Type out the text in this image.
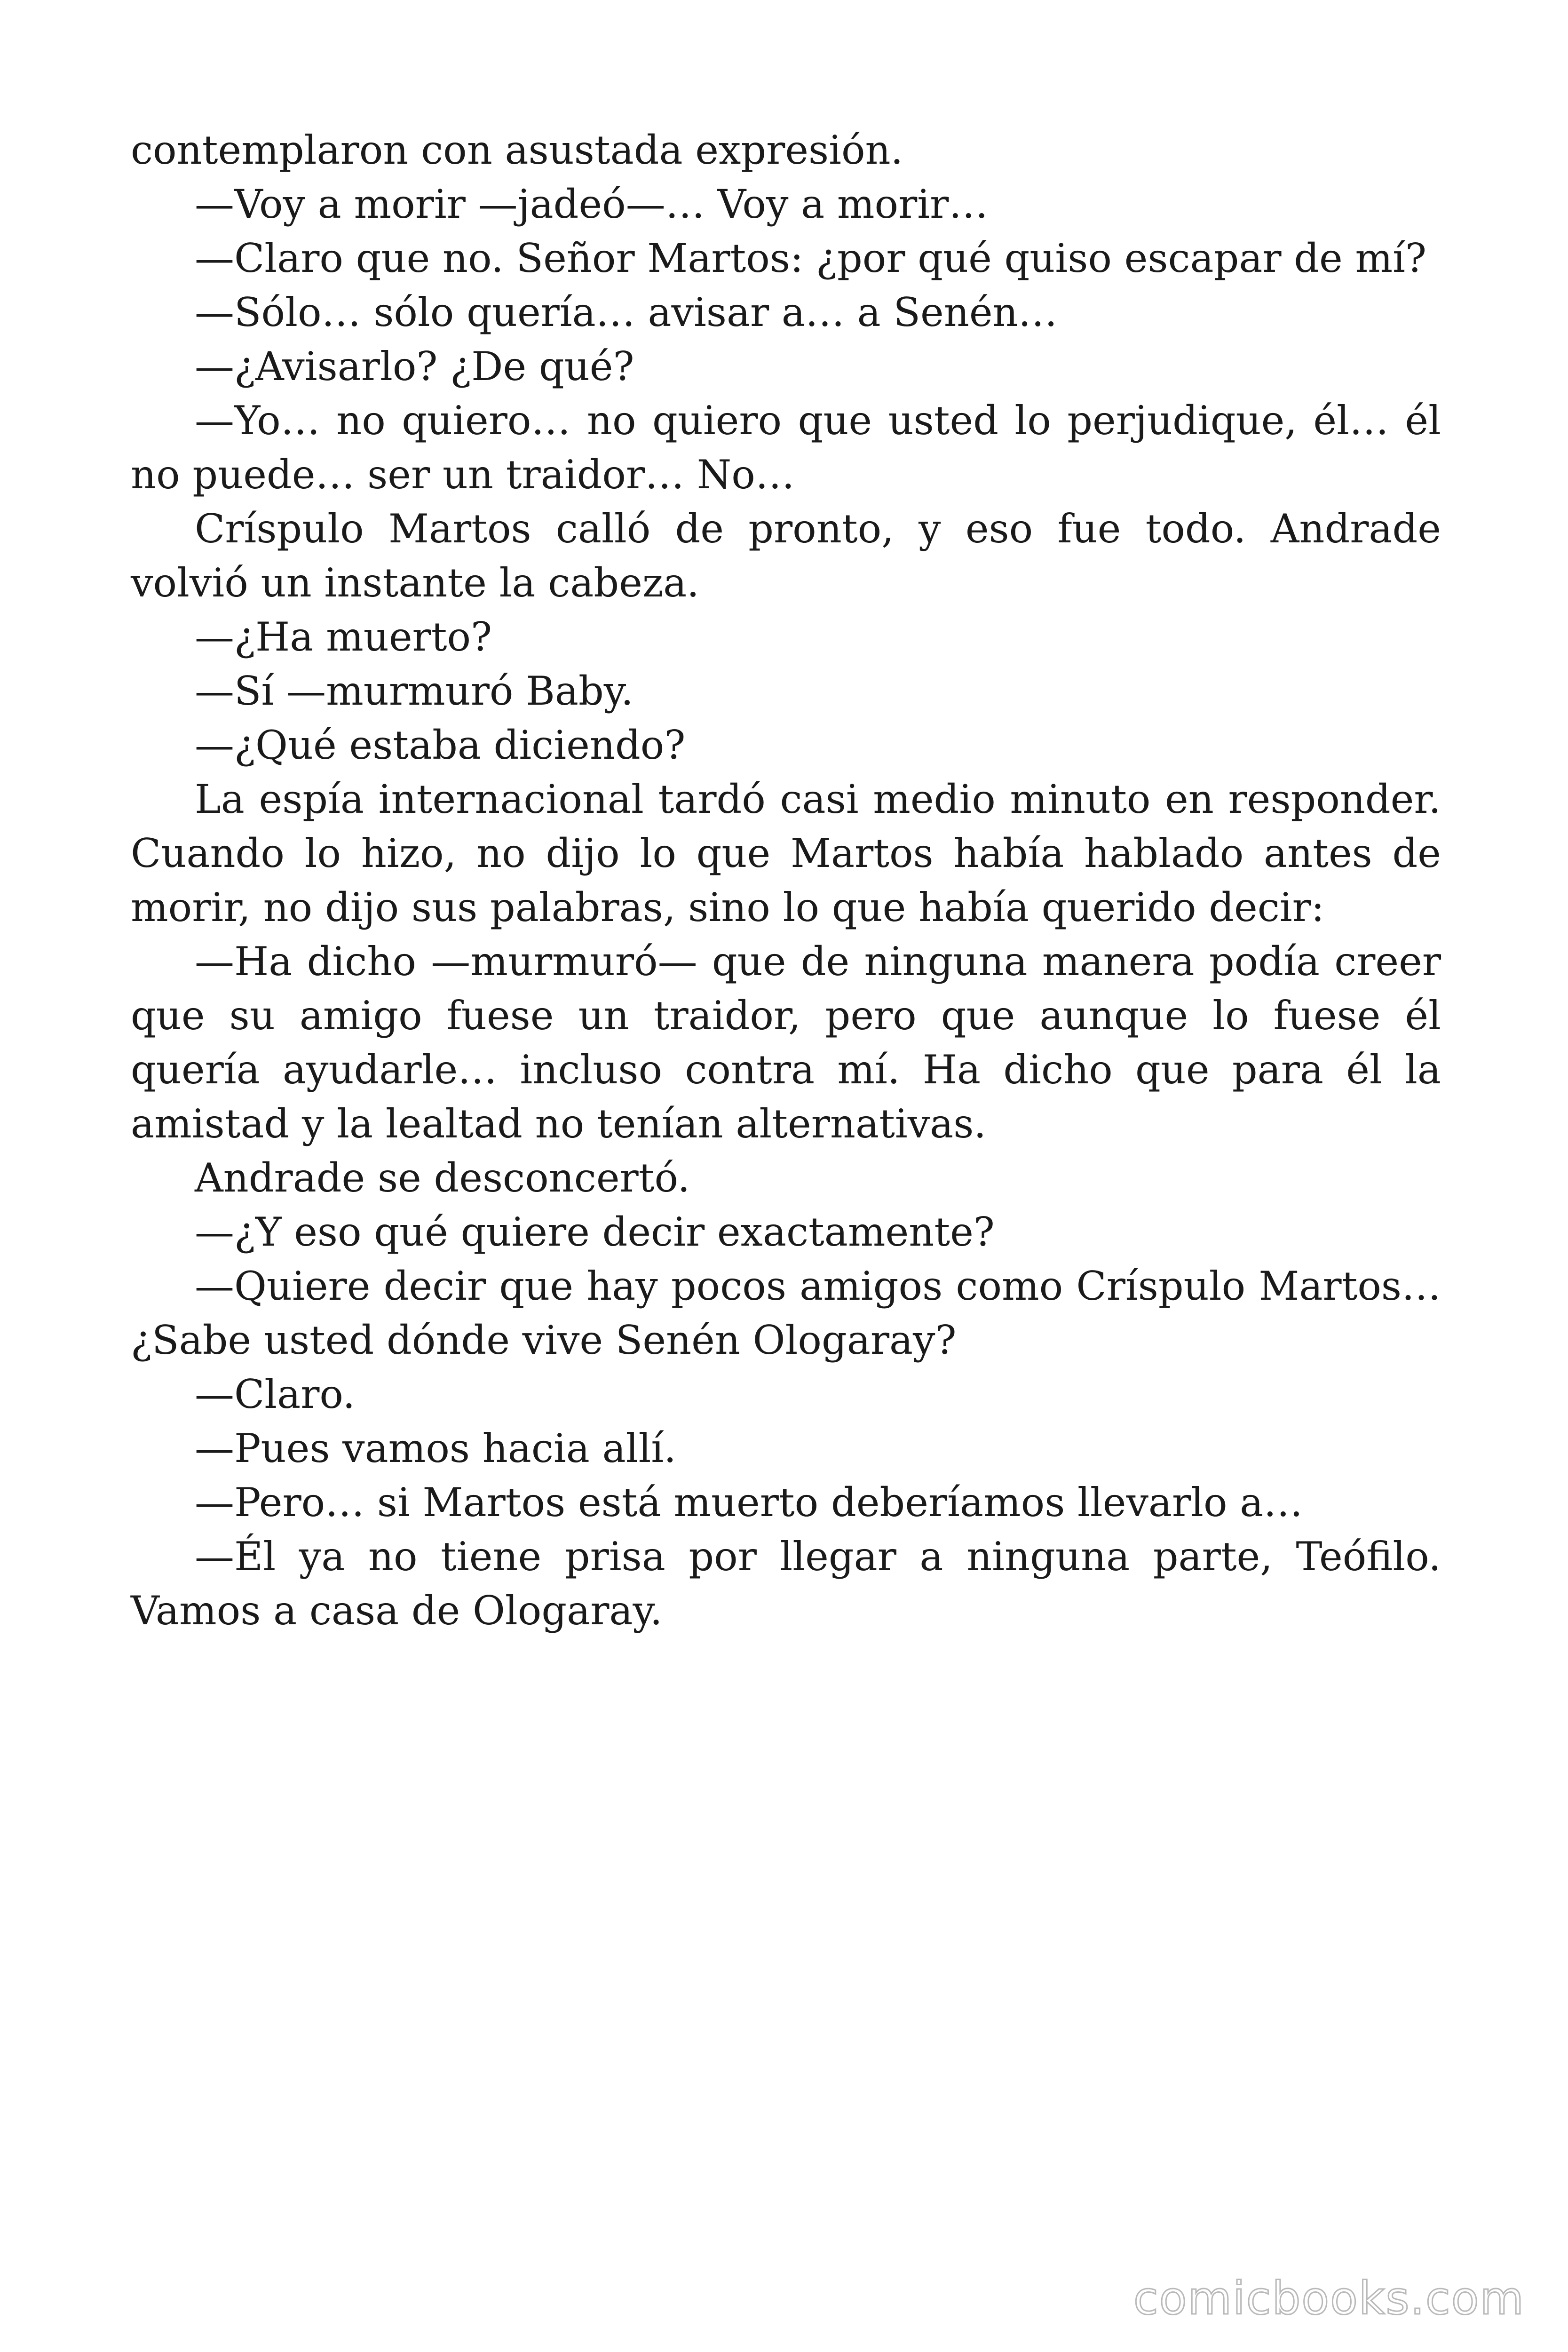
contemplaron con asustada expresión.

—Voy a morir —jadeó—… Voy a morir…

—Claro que no. Señor Martos: ¿por qué quiso escapar de mí?

—Sólo… sólo quería… avisar a… a Senén…

—¿Avisarlo? ¿De qué?

—Yo… no quiero… no quiero que usted lo perjudique, él… él no puede… ser un traidor… No…

Críspulo Martos calló de pronto, y eso fue todo. Andrade volvió un instante la cabeza.

—¿Ha muerto?

—Sí —murmuró Baby.

—¿Qué estaba diciendo?

La espía internacional tardó casi medio minuto en responder. Cuando lo hizo, no dijo lo que Martos había hablado antes de morir, no dijo sus palabras, sino lo que había querido decir:

—Ha dicho —murmuró— que de ninguna manera podía creer que su amigo fuese un traidor, pero que aunque lo fuese él quería ayudarle… incluso contra mí. Ha dicho que para él la amistad y la lealtad no tenían alternativas.

Andrade se desconcertó.

—¿Y eso qué quiere decir exactamente?

—Quiere decir que hay pocos amigos como Críspulo Martos… ¿Sabe usted dónde vive Senén Ologaray?

—Claro.

—Pues vamos hacia allí.

—Pero… si Martos está muerto deberíamos llevarlo a…

—Él ya no tiene prisa por llegar a ninguna parte, Teófilo. Vamos a casa de Ologaray.

comicbooks.com
